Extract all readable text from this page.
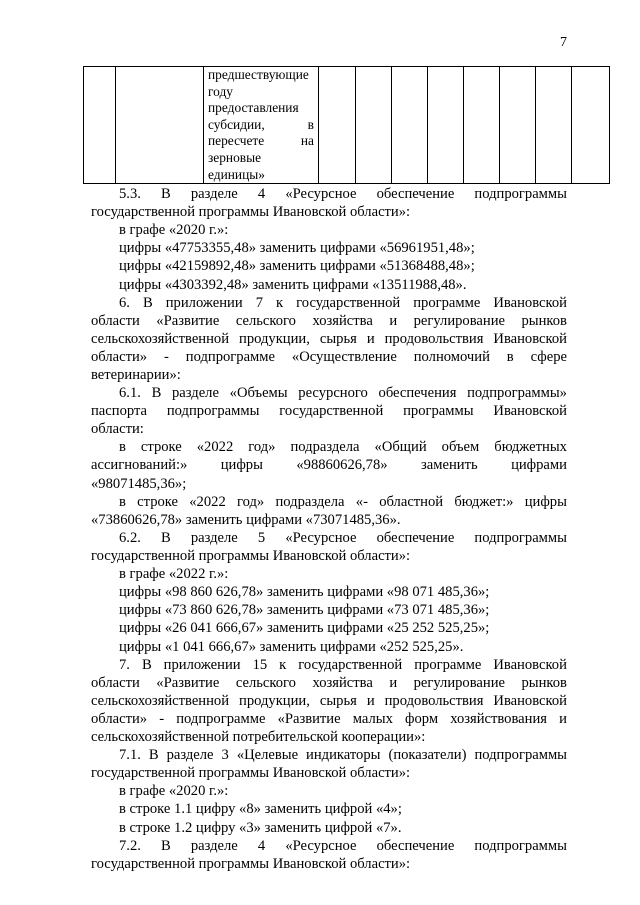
7

предшествующие
году
предоставления
субсидии,	в
пересчете	на
зерновые
единицы»

5.3. В разделе 4 «Ресурсное обеспечение подпрограммы
государственной программы Ивановской области»:
в графе «2020 г.»:
цифры «47753355,48» заменить цифрами «56961951,48»;
цифры «42159892,48» заменить цифрами «51368488,48»;
цифры «4303392,48» заменить цифрами «13511988,48».
6. В приложении 7 к государственной программе Ивановской
области «Развитие сельского хозяйства и регулирование рынков
сельскохозяйственной продукции, сырья и продовольствия Ивановской
области» - подпрограмме «Осуществление полномочий в сфере
ветеринарии»:
6.1. В разделе «Объемы ресурсного обеспечения подпрограммы»
паспорта подпрограммы государственной программы Ивановской
области:
в строке «2022 год» подраздела «Общий объем бюджетных
ассигнований:» цифры «98860626,78» заменить цифрами
«98071485,36»;
в строке «2022 год» подраздела «- областной бюджет:» цифры
«73860626,78» заменить цифрами «73071485,36».
6.2. В разделе 5 «Ресурсное обеспечение подпрограммы
государственной программы Ивановской области»:
в графе «2022 г.»:
цифры «98 860 626,78» заменить цифрами «98 071 485,36»;
цифры «73 860 626,78» заменить цифрами «73 071 485,36»;
цифры «26 041 666,67» заменить цифрами «25 252 525,25»;
цифры «1 041 666,67» заменить цифрами «252 525,25».
7. В приложении 15 к государственной программе Ивановской
области «Развитие сельского хозяйства и регулирование рынков
сельскохозяйственной продукции, сырья и продовольствия Ивановской
области» - подпрограмме «Развитие малых форм хозяйствования и
сельскохозяйственной потребительской кооперации»:
7.1. В разделе 3 «Целевые индикаторы (показатели) подпрограммы
государственной программы Ивановской области»:
в графе «2020 г.»:
в строке 1.1 цифру «8» заменить цифрой «4»;
в строке 1.2 цифру «3» заменить цифрой «7».
7.2. В разделе 4 «Ресурсное обеспечение подпрограммы
государственной программы Ивановской области»:
